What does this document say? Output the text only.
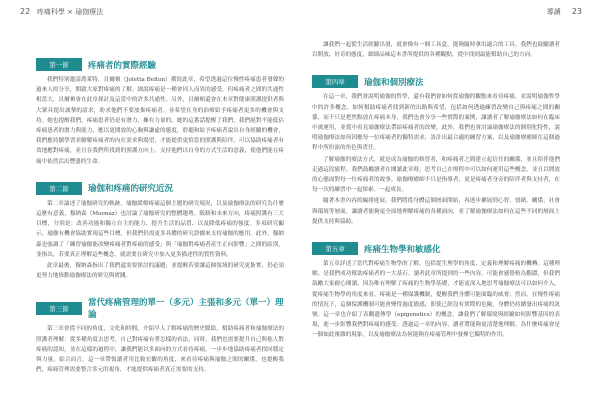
22 疼痛科學 × 瑜伽療法	導讀 23
第一節	疼痛者的實際經驗

我們特別邀請喬萊特．貝爾頓（Joletta Belton）撰寫此章，希望透過這位慢性疼痛患者發聲的過來人的分享，開啟大家對疼痛的了解。細說疼痛是一種會因人而異的感受，但疼痛者之間的共通性相當大，貝爾頓會在此章探討及這當中的許多共通性。另外，貝爾頓還會在本章對健康照護提供者與大眾具提出誠摯的請求，盼求他們不要放棄疼痛者，並希望在身的治療給予疼痛者更多的機會與支持。她也提醒我們，疼痛患者仍是有潛力、擁有力量的。她的這番話提醒了我們，我們絕對不能低估疼痛患者的潛力與能力，應以更開放的心胸與謙虛的態度，聆聽和給予疼痛者說出自身經驗的機會，我們應持續學習並瞭解疼痛者的內在需求與渴望，才能提供更恰當的照護與陪伴。可以協助疼痛者有效地應對疼痛，並且在我們所找到的照護方向上，支持他們以自身的方式生活的意義，使他們能在疼痛中依然活出豐盛的生命。

第二節	瑜伽和疼痛的研究近況

第二章論述了瑜伽研究的軌跡，瑜伽緩解疼痛這個主題的研究現況，以及瑜伽療法的研究為什麼這麼有意義，穆納森（Moonaz）也討論了瑜伽研究的整體趨勢、限制和未來方向，疼痛照護有三大目標，分別是：改善功能和獨立自主的能力、提升生活的品質、以及降低疼痛的強度。多項研究顯示，瑜伽有機會協助實現這些目標，但我們仍需更多具體的研究證據來支持瑜伽的應用。此外，穆納森也強調了「練習瑜伽能改變疼痛者對疼痛的感受」與「瑜伽對疼痛者產生正向影響」之間的區別，並指出，若要真正理解這些概念，就需要在研究中加入更多描述性的質性資料。

此章最後，穆納森指出了我們還需要探討的議題，並提醒若要讓這個領域的研究更紮實，仍必須更努力地推動瑜伽療法的研究與實踐。

第三節
當代疼痛管理的單一（多元）主張和多元（單一）理論

第三章會從不同的角度，文化和時間，介紹早人了解疼痛的歷史脈絡，幫助疼痛者和瑜伽療法的照護者理解：從多種角度去思考，自己對疼痛有著怎樣的看法，同時，我們也需要提升自己與他人對疼痛的認知，並在這樣的過程中，讓我們能以多面向的方式看待疼痛，一步步地協助疼痛者找回穩定與力量。綜合而言，這一章帶領讀者用比較宏觀的角度，來看待疼痛與瑜伽之間的關係，也提醒我們，疼痛管理需要整合多元的視角，才能提供疼痛者真正需要的支持。

讓我們一起從生活經驗出發，就會像有一個工具盒，能夠隨時拿出適合的工具。我們也鼓勵讀者以開放、好奇的態度，細細品味這本書所提供的各種觀點，從中找到最能幫助自己的方向。

第四章	瑜伽和個別療法

在這一章，我們會說明瑜伽的哲學，還有我們會如何從瑜伽的觀點來看待疼痛，並說明瑜伽哲學中的許多概念，如何幫助疼痛者找到新的出路與希望，包括如何透過練習改變自己與疼痛之間的關係，而不只是把焦點放在疼痛本身。我們也會分享一些實際的案例，讓讀者了解瑜伽療法如何在臨床中被運用，並從中看見瑜伽療法帶給疼痛者的改變。此外，我們也會討論瑜伽療法的個別化特性，說明瑜伽療法如何因應每一位疼痛者的獨特需求，設計出最合適的練習方案，以及瑜伽療癒師在這個過程中所扮演的角色與責任。

了解瑜伽的療法方式，就是成為瑜伽的修習者，和疼痛者之間建立起信任的關係，並且陪伴他們走過這段旅程。我們鼓勵讀者在閱讀此章時，思考自己在療程中可以如何運用這些概念，並且以開放的心態面對每一位疼痛者的故事。瑜伽療癒師不只是指導者，更是疼痛者身旁的陪伴者與支持者，在每一次的練習中一起探索、一起成長。

隨著本書內容的編排進展，我們將從身體這個層面開始，再逐步擴展到心智、情緒、關係、社會與環境等層面，讓讀者能夠更全面地理解疼痛的各種面向，並了解瑜伽療法如何在這些不同的層面上提供支持與協助。

第五章	疼痛生物學和敏感化

第五章詳述了當代對疼痛生物學的了解，包括從生理學的角度、定義和理解疼痛的機轉。這種理解，是我們成功幫助疼痛者的一大基石。讀者此章所提到的一些內容，可能會感覺較為艱澀，但我們鼓勵大家耐心閱讀，因為唯有理解了疼痛的生物學基礎，才能更深入地思考瑜伽療法可以如何介入。從疼痛生物學的角度來看，疼痛是一種保護機制，提醒我們身體可能面臨的威脅；然而，在慢性疼痛的情況下，這個保護機制可能會變得過度敏感，即使已經沒有實際的危險，身體仍持續發出疼痛的訊號。這一章也介紹了表觀遺傳學（epigenetics）的概念，讓我們了解環境與經驗如何影響基因的表現，進一步影響我們對疼痛的感受。透過這一章的內容，讀者將能夠更清楚地理解，為什麼疼痛會是一個如此複雜的現象，以及瑜伽療法為何能夠在疼痛管理中發揮它獨特的作用。
